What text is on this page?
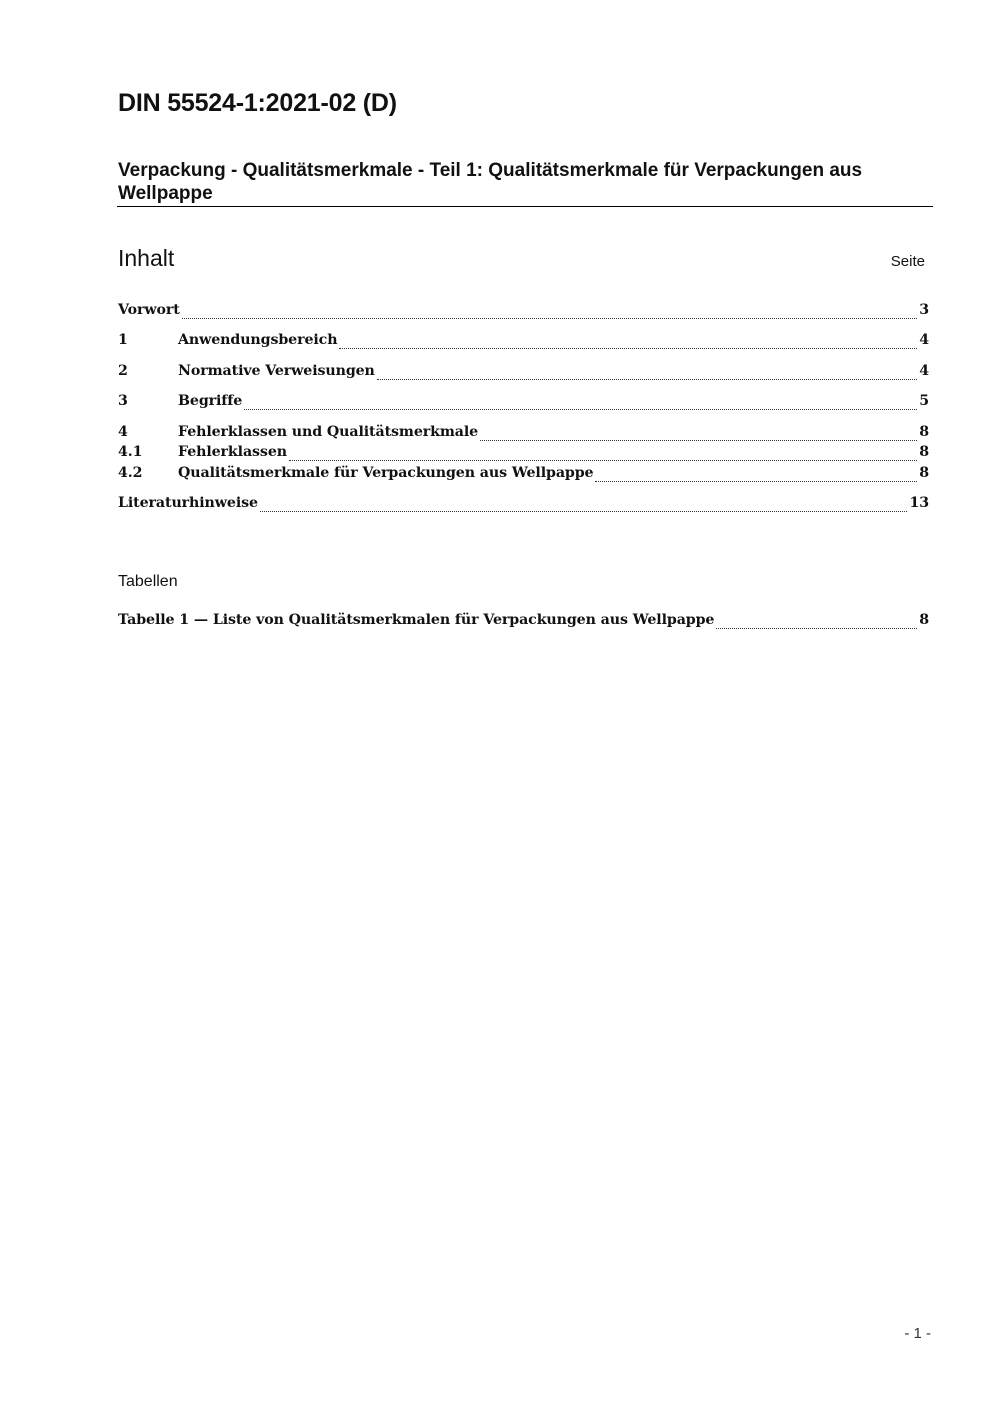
DIN 55524-1:2021-02 (D)
Verpackung - Qualitätsmerkmale - Teil 1: Qualitätsmerkmale für Verpackungen aus Wellpappe
Inhalt	Seite
Vorwort	3
1	Anwendungsbereich	4
2	Normative Verweisungen	4
3	Begriffe	5
4	Fehlerklassen und Qualitätsmerkmale	8
4.1	Fehlerklassen	8
4.2	Qualitätsmerkmale für Verpackungen aus Wellpappe	8
Literaturhinweise	13
Tabellen
Tabelle 1 — Liste von Qualitätsmerkmalen für Verpackungen aus Wellpappe	8
- 1 -
